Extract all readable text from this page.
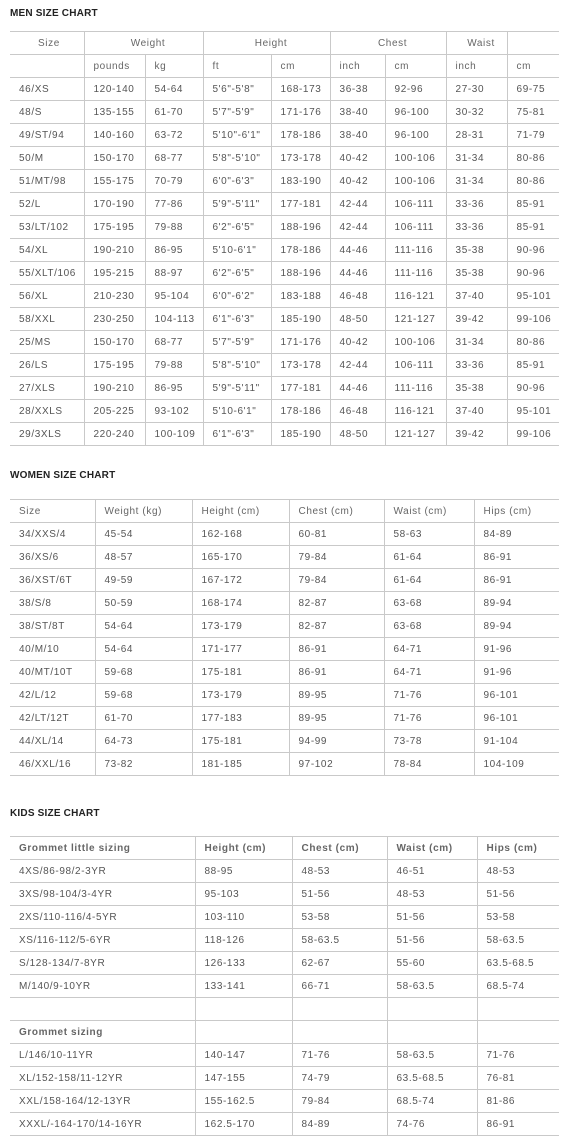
MEN SIZE CHART
Size	Weight		Height		Chest		Waist	
	pounds	kg	ft	cm	inch	cm	inch	cm
46/XS	120-140	54-64	5'6"-5'8"	168-173	36-38	92-96	27-30	69-75
48/S	135-155	61-70	5'7"-5'9"	171-176	38-40	96-100	30-32	75-81
49/ST/94	140-160	63-72	5'10"-6'1"	178-186	38-40	96-100	28-31	71-79
50/M	150-170	68-77	5'8"-5'10"	173-178	40-42	100-106	31-34	80-86
51/MT/98	155-175	70-79	6'0"-6'3"	183-190	40-42	100-106	31-34	80-86
52/L	170-190	77-86	5'9"-5'11"	177-181	42-44	106-111	33-36	85-91
53/LT/102	175-195	79-88	6'2"-6'5"	188-196	42-44	106-111	33-36	85-91
54/XL	190-210	86-95	5'10-6'1"	178-186	44-46	111-116	35-38	90-96
55/XLT/106	195-215	88-97	6'2"-6'5"	188-196	44-46	111-116	35-38	90-96
56/XL	210-230	95-104	6'0"-6'2"	183-188	46-48	116-121	37-40	95-101
58/XXL	230-250	104-113	6'1"-6'3"	185-190	48-50	121-127	39-42	99-106
25/MS	150-170	68-77	5'7"-5'9"	171-176	40-42	100-106	31-34	80-86
26/LS	175-195	79-88	5'8"-5'10"	173-178	42-44	106-111	33-36	85-91
27/XLS	190-210	86-95	5'9"-5'11"	177-181	44-46	111-116	35-38	90-96
28/XXLS	205-225	93-102	5'10-6'1"	178-186	46-48	116-121	37-40	95-101
29/3XLS	220-240	100-109	6'1"-6'3"	185-190	48-50	121-127	39-42	99-106
WOMEN SIZE CHART
Size	Weight (kg)	Height (cm)	Chest (cm)	Waist (cm)	Hips (cm)
34/XXS/4	45-54	162-168	60-81	58-63	84-89
36/XS/6	48-57	165-170	79-84	61-64	86-91
36/XST/6T	49-59	167-172	79-84	61-64	86-91
38/S/8	50-59	168-174	82-87	63-68	89-94
38/ST/8T	54-64	173-179	82-87	63-68	89-94
40/M/10	54-64	171-177	86-91	64-71	91-96
40/MT/10T	59-68	175-181	86-91	64-71	91-96
42/L/12	59-68	173-179	89-95	71-76	96-101
42/LT/12T	61-70	177-183	89-95	71-76	96-101
44/XL/14	64-73	175-181	94-99	73-78	91-104
46/XXL/16	73-82	181-185	97-102	78-84	104-109
KIDS SIZE CHART
Grommet little sizing	Height (cm)	Chest (cm)	Waist (cm)	Hips (cm)
4XS/86-98/2-3YR	88-95	48-53	46-51	48-53
3XS/98-104/3-4YR	95-103	51-56	48-53	51-56
2XS/110-116/4-5YR	103-110	53-58	51-56	53-58
XS/116-112/5-6YR	118-126	58-63.5	51-56	58-63.5
S/128-134/7-8YR	126-133	62-67	55-60	63.5-68.5
M/140/9-10YR	133-141	66-71	58-63.5	68.5-74

Grommet sizing				
L/146/10-11YR	140-147	71-76	58-63.5	71-76
XL/152-158/11-12YR	147-155	74-79	63.5-68.5	76-81
XXL/158-164/12-13YR	155-162.5	79-84	68.5-74	81-86
XXXL/-164-170/14-16YR	162.5-170	84-89	74-76	86-91
